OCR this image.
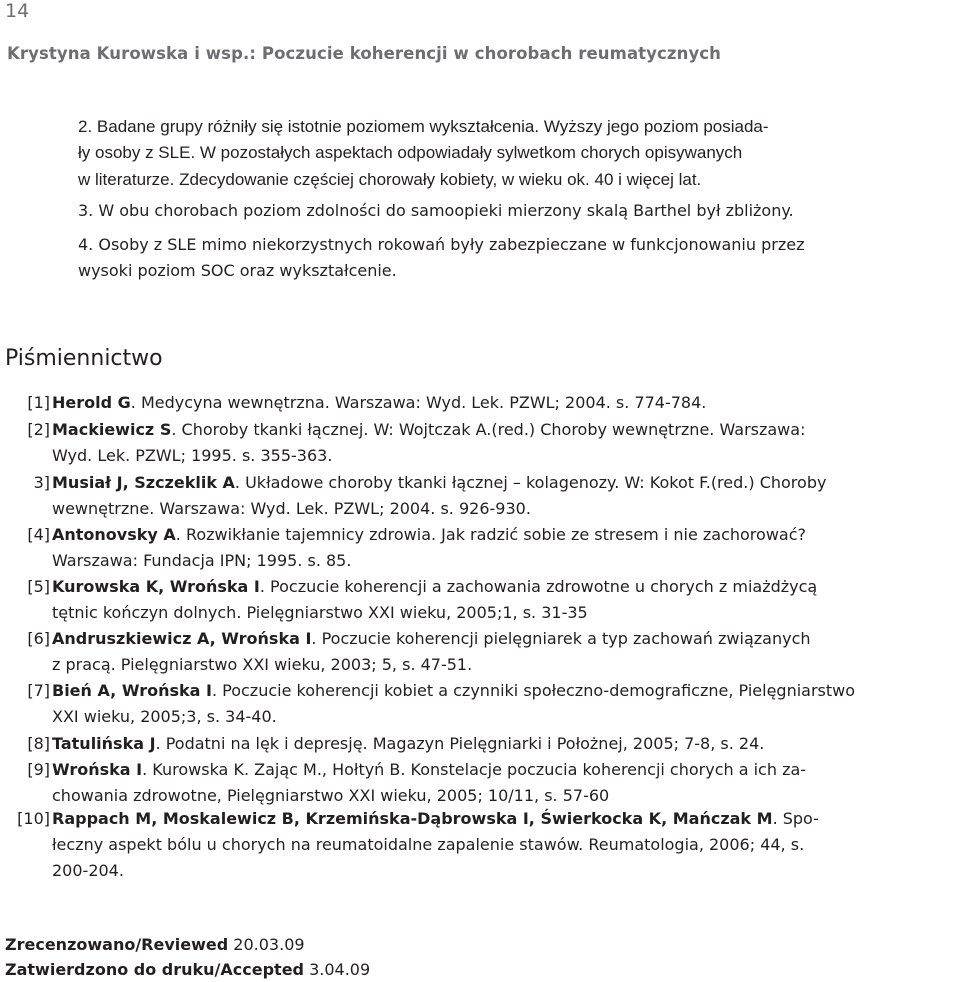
14
Krystyna Kurowska i wsp.: Poczucie koherencji w chorobach reumatycznych
2. Badane grupy różniły się istotnie poziomem wykształcenia. Wyższy jego poziom posiada-
ły osoby z SLE. W pozostałych aspektach odpowiadały sylwetkom chorych opisywanych
w literaturze. Zdecydowanie częściej chorowały kobiety, w wieku ok. 40 i więcej lat.
3. W obu chorobach poziom zdolności do samoopieki mierzony skalą Barthel był zbliżony.
4. Osoby z SLE mimo niekorzystnych rokowań były zabezpieczane w funkcjonowaniu przez
wysoki poziom SOC oraz wykształcenie.
Piśmiennictwo
[1] Herold G. Medycyna wewnętrzna. Warszawa: Wyd. Lek. PZWL; 2004. s. 774-784.
[2] Mackiewicz S. Choroby tkanki łącznej. W: Wojtczak A.(red.) Choroby wewnętrzne. Warszawa:
Wyd. Lek. PZWL; 1995. s. 355-363.
3] Musiał J, Szczeklik A. Układowe choroby tkanki łącznej – kolagenozy. W: Kokot F.(red.) Choroby
wewnętrzne. Warszawa: Wyd. Lek. PZWL; 2004. s. 926-930.
[4] Antonovsky A. Rozwikłanie tajemnicy zdrowia. Jak radzić sobie ze stresem i nie zachorować?
Warszawa: Fundacja IPN; 1995. s. 85.
[5] Kurowska K, Wrońska I. Poczucie koherencji a zachowania zdrowotne u chorych z miażdżycą
tętnic kończyn dolnych. Pielęgniarstwo XXI wieku, 2005;1, s. 31-35
[6] Andruszkiewicz A, Wrońska I. Poczucie koherencji pielęgniarek a typ zachowań związanych
z pracą. Pielęgniarstwo XXI wieku, 2003; 5, s. 47-51.
[7] Bień A, Wrońska I. Poczucie koherencji kobiet a czynniki społeczno-demograficzne, Pielęgniarstwo
XXI wieku, 2005;3, s. 34-40.
[8] Tatulińska J. Podatni na lęk i depresję. Magazyn Pielęgniarki i Położnej, 2005; 7-8, s. 24.
[9] Wrońska I. Kurowska K. Zając M., Hołtyń B. Konstelacje poczucia koherencji chorych a ich za-
chowania zdrowotne, Pielęgniarstwo XXI wieku, 2005; 10/11, s. 57-60
[10] Rappach M, Moskalewicz B, Krzemińska-Dąbrowska I, Świerkocka K, Mańczak M. Spo-
łeczny aspekt bólu u chorych na reumatoidalne zapalenie stawów. Reumatologia, 2006; 44, s.
200-204.
Zrecenzowano/Reviewed 20.03.09
Zatwierdzono do druku/Accepted 3.04.09
